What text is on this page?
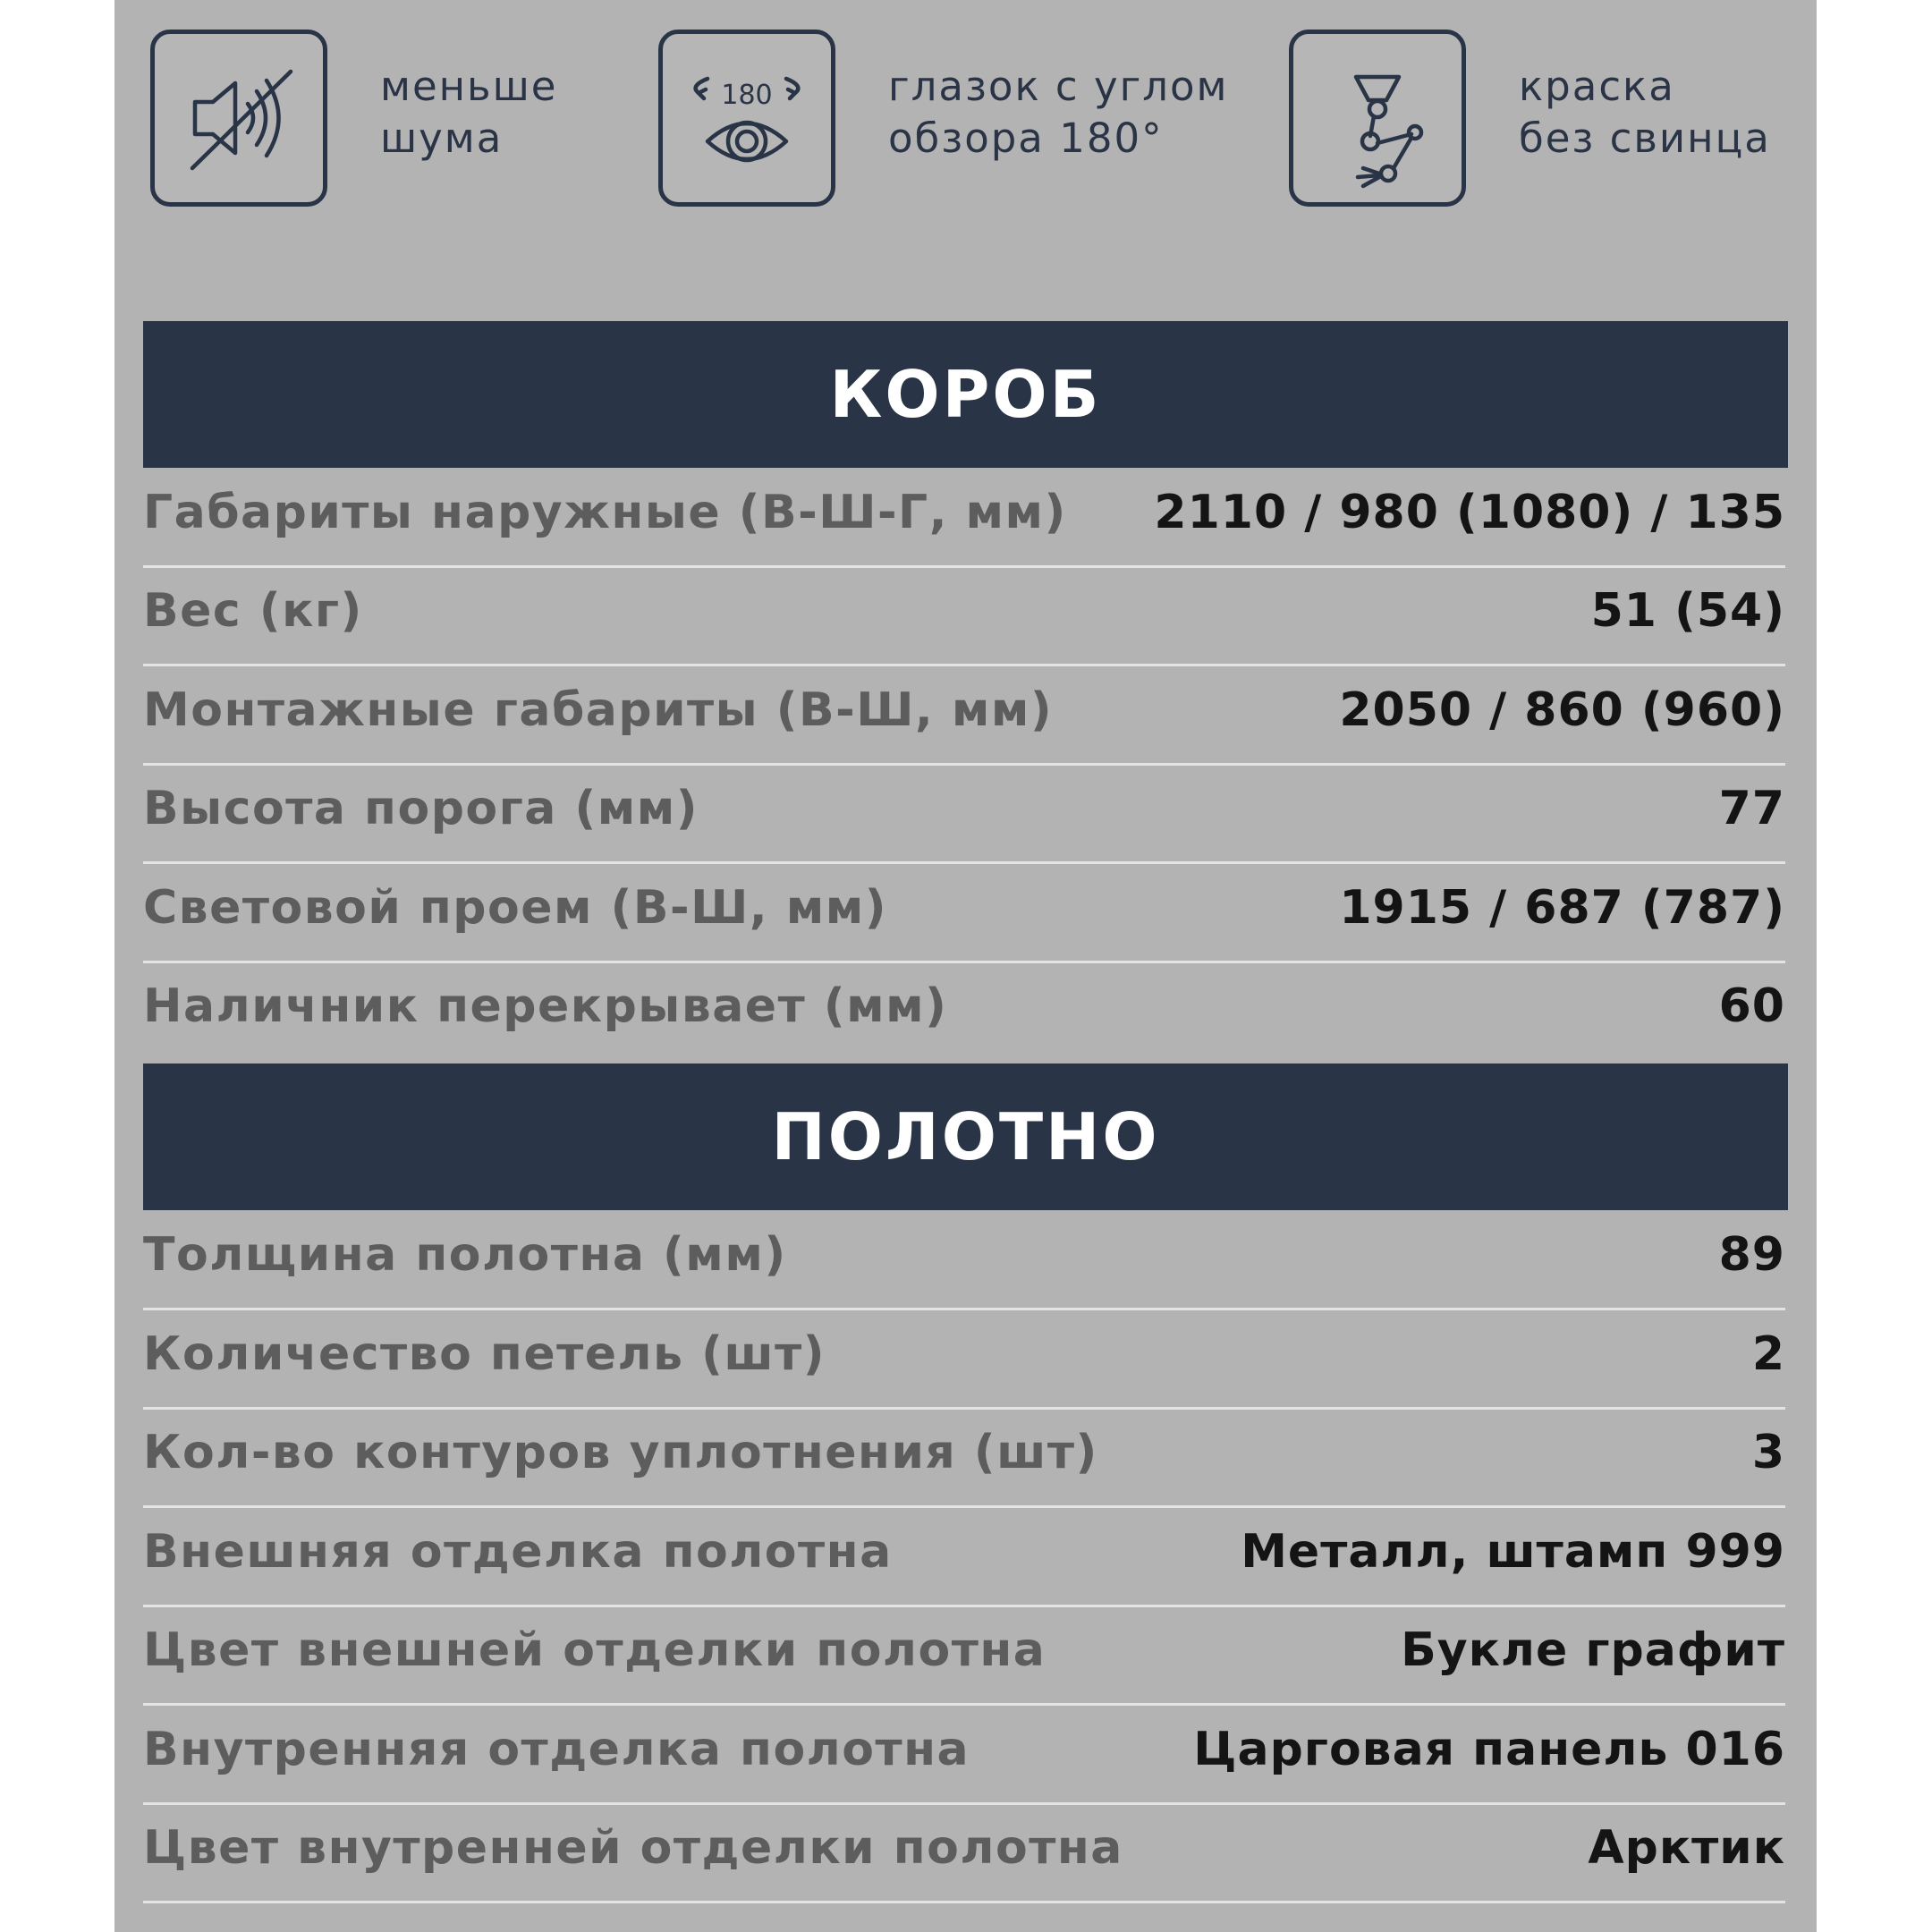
меньше
шума
180	глазок с углом
обзора 180°
краска
без свинца
КОРОБ
Габариты наружные (В-Ш-Г, мм) 2110 / 980 (1080) / 135
Вес (кг)	51 (54)
Монтажные габариты (В-Ш, мм)	2050 / 860 (960)
Высота порога (мм)	77
Световой проем (В-Ш, мм)	1915 / 687 (787)
Наличник перекрывает (мм)	60
ПОЛОТНО
Толщина полотна (мм)	89
Количество петель (шт)	2
Кол-во контуров уплотнения (шт)	3
Внешняя отделка полотна	Металл, штамп 999
Цвет внешней отделки полотна	Букле графит
Внутренняя отделка полотна	Царговая панель 016
Цвет внутренней отделки полотна	Арктик
